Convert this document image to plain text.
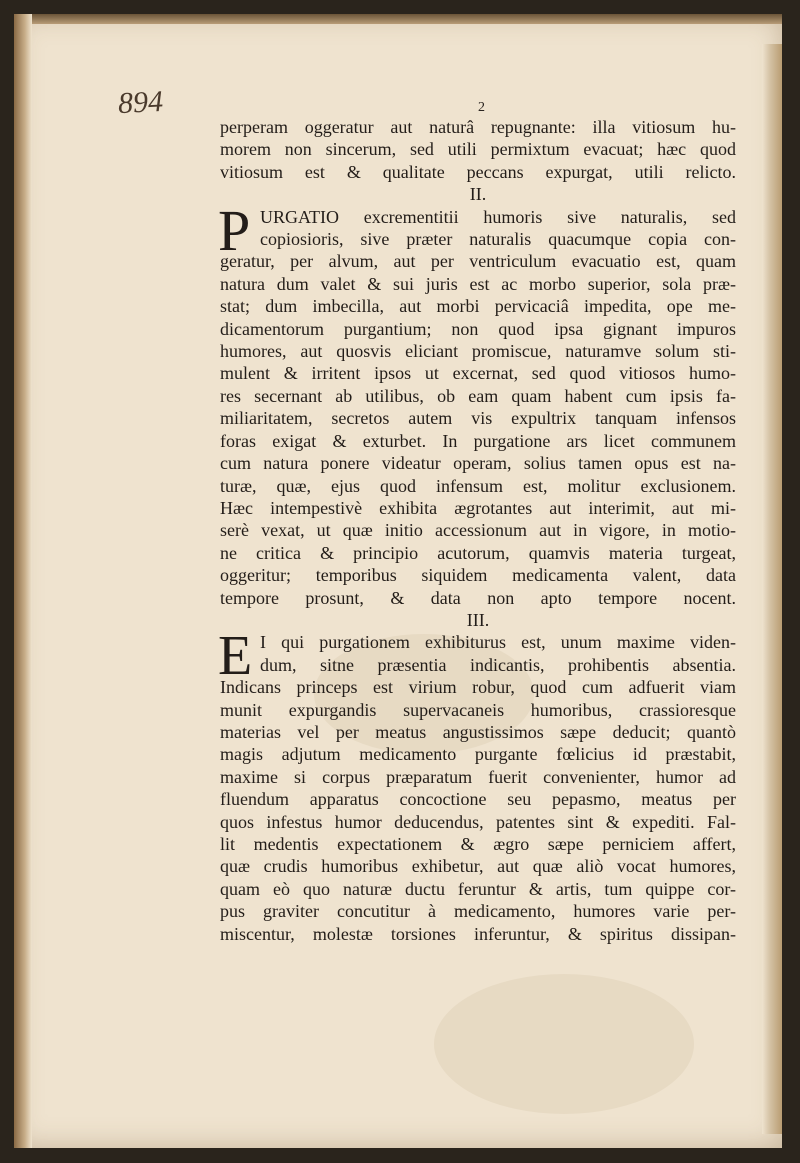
894	2
perperam oggeratur aut naturâ repugnante: illa vitiosum hu-
morem non sincerum, sed utili permixtum evacuat; hæc quod
vitiosum est & qualitate peccans expurgat, utili relicto.
II.
P URGATIO excrementitii humoris sive naturalis, sed
copiosioris, sive præter naturalis quacumque copia con-
geratur, per alvum, aut per ventriculum evacuatio est, quam
natura dum valet & sui juris est ac morbo superior, sola præ-
stat; dum imbecilla, aut morbi pervicaciâ impedita, ope me-
dicamentorum purgantium; non quod ipsa gignant impuros
humores, aut quosvis eliciant promiscue, naturamve solum sti-
mulent & irritent ipsos ut excernat, sed quod vitiosos humo-
res secernant ab utilibus, ob eam quam habent cum ipsis fa-
miliaritatem, secretos autem vis expultrix tanquam infensos
foras exigat & exturbet. In purgatione ars licet communem
cum natura ponere videatur operam, solius tamen opus est na-
turæ, quæ, ejus quod infensum est, molitur exclusionem.
Hæc intempestivè exhibita ægrotantes aut interimit, aut mi-
serè vexat, ut quæ initio accessionum aut in vigore, in motio-
ne critica & principio acutorum, quamvis materia turgeat,
oggeritur; temporibus siquidem medicamenta valent, data
tempore prosunt, & data non apto tempore nocent.
III.
E I qui purgationem exhibiturus est, unum maxime viden-
dum, sitne præsentia indicantis, prohibentis absentia.
Indicans princeps est virium robur, quod cum adfuerit viam
munit expurgandis supervacaneis humoribus, crassioresque
materias vel per meatus angustissimos sæpe deducit; quantò
magis adjutum medicamento purgante fœlicius id præstabit,
maxime si corpus præparatum fuerit convenienter, humor ad
fluendum apparatus concoctione seu pepasmo, meatus per
quos infestus humor deducendus, patentes sint & expediti. Fal-
lit medentis expectationem & ægro sæpe perniciem affert,
quæ crudis humoribus exhibetur, aut quæ aliò vocat humores,
quam eò quo naturæ ductu feruntur & artis, tum quippe cor-
pus graviter concutitur à medicamento, humores varie per-
miscentur, molestæ torsiones inferuntur, & spiritus dissipan-
